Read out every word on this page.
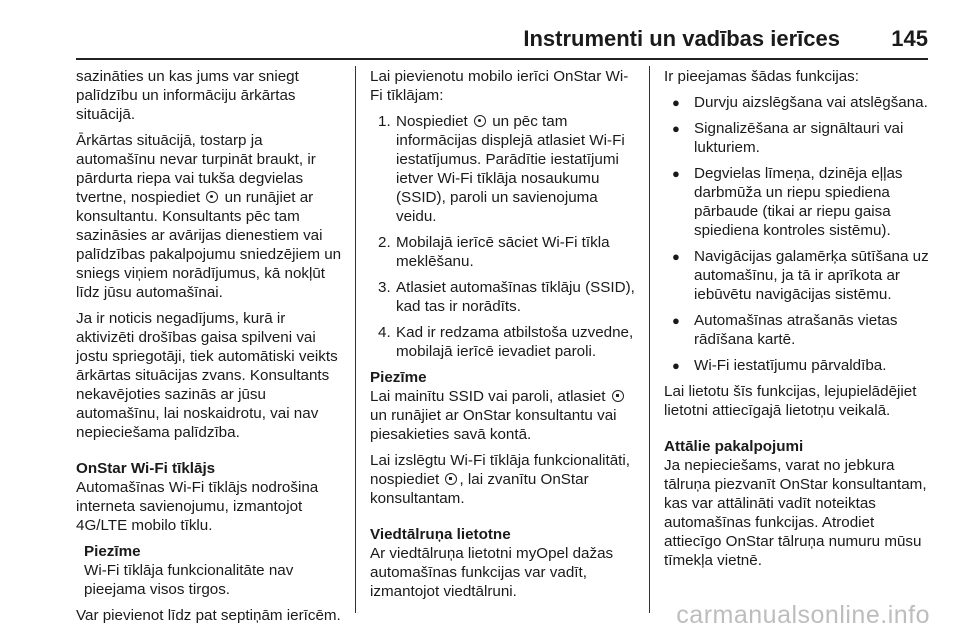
Instrumenti un vadības ierīces 145

sazināties un kas jums var sniegt palīdzību un informāciju ārkārtas situācijā.

Ārkārtas situācijā, tostarp ja automašīnu nevar turpināt braukt, ir pārdurta riepa vai tukša degvielas tvertne, nospiediet un runājiet ar konsultantu. Konsultants pēc tam sazināsies ar avārijas dienestiem vai palīdzības pakalpojumu sniedzējiem un sniegs viņiem norādījumus, kā nokļūt līdz jūsu automašīnai.

Ja ir noticis negadījums, kurā ir aktivizēti drošības gaisa spilveni vai jostu spriegotāji, tiek automātiski veikts ārkārtas situācijas zvans. Konsultants nekavējoties sazinās ar jūsu automašīnu, lai noskaidrotu, vai nav nepieciešama palīdzība.

OnStar Wi-Fi tīklājs

Automašīnas Wi-Fi tīklājs nodrošina interneta savienojumu, izmantojot 4G/LTE mobilo tīklu.

Piezīme

Wi-Fi tīklāja funkcionalitāte nav pieejama visos tirgos.

Var pievienot līdz pat septiņām ierīcēm.

Lai pievienotu mobilo ierīci OnStar Wi-Fi tīklājam:

1. Nospiediet un pēc tam informācijas displejā atlasiet Wi-Fi iestatījumus. Parādītie iestatījumi ietver Wi-Fi tīklāja nosaukumu (SSID), paroli un savienojuma veidu.
2. Mobilajā ierīcē sāciet Wi-Fi tīkla meklēšanu.
3. Atlasiet automašīnas tīklāju (SSID), kad tas ir norādīts.
4. Kad ir redzama atbilstoša uzvedne, mobilajā ierīcē ievadiet paroli.

Piezīme

Lai mainītu SSID vai paroli, atlasiet  un runājiet ar OnStar konsultantu vai piesakieties savā kontā.

Lai izslēgtu Wi-Fi tīklāja funkcionalitāti, nospiediet , lai zvanītu OnStar konsultantam.

Viedtālruņa lietotne

Ar viedtālruņa lietotni myOpel dažas automašīnas funkcijas var vadīt, izmantojot viedtālruni.

Ir pieejamas šādas funkcijas:

● Durvju aizslēgšana vai atslēgšana.
● Signalizēšana ar signāltauri vai lukturiem.
● Degvielas līmeņa, dzinēja eļļas darbmūža un riepu spiediena pārbaude (tikai ar riepu gaisa spiediena kontroles sistēmu).
● Navigācijas galamērķa sūtīšana uz automašīnu, ja tā ir aprīkota ar iebūvētu navigācijas sistēmu.
● Automašīnas atrašanās vietas rādīšana kartē.
● Wi-Fi iestatījumu pārvaldība.

Lai lietotu šīs funkcijas, lejupielādējiet lietotni attiecīgajā lietotņu veikalā.

Attālie pakalpojumi

Ja nepieciešams, varat no jebkura tālruņa piezvanīt OnStar konsultantam, kas var attālināti vadīt noteiktas automašīnas funkcijas. Atrodiet attiecīgo OnStar tālruņa numuru mūsu tīmekļa vietnē.

carmanualsonline.info
